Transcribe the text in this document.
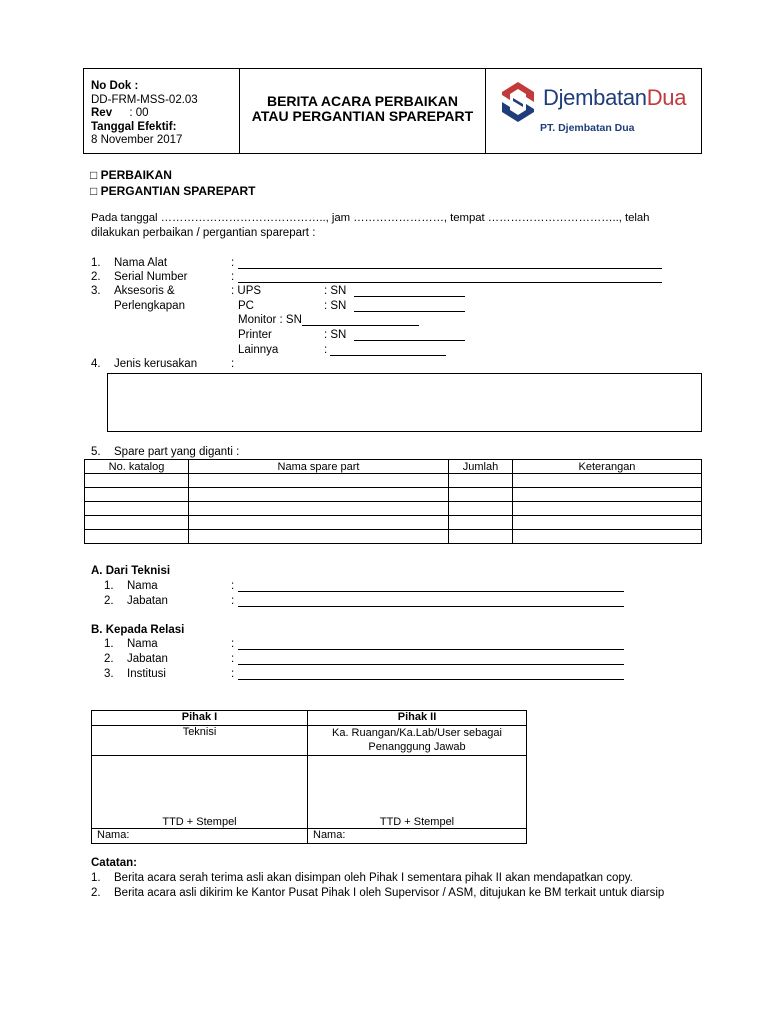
No Dok :
DD-FRM-MSS-02.03
Rev : 00
Tanggal Efektif:
8 November 2017
BERITA ACARA PERBAIKAN
ATAU PERGANTIAN SPAREPART
DjembatanDua
PT. Djembatan Dua
□ PERBAIKAN
□ PERGANTIAN SPAREPART
Pada tanggal …………………………………….., jam ……………………, tempat …………………………….., telah
dilakukan perbaikan / pergantian sparepart :
1. Nama Alat	:
2. Serial Number	:
3. Aksesoris &
Perlengkapan
: UPS	: SN
PC	: SN
Monitor : SN
Printer	: SN
Lainnya	:
4. Jenis kerusakan	:
5. Spare part yang diganti :
No. katalog	Nama spare part	Jumlah	Keterangan

A. Dari Teknisi
1. Nama	:
2. Jabatan	:
B. Kepada Relasi
1. Nama	:
2. Jabatan	:
3. Institusi	:
Pihak I	Pihak II
Teknisi	Ka. Ruangan/Ka.Lab/User sebagai
Penanggung Jawab

TTD + Stempel	TTD + Stempel
Nama:	Nama:
Catatan:
1. Berita acara serah terima asli akan disimpan oleh Pihak I sementara pihak II akan mendapatkan copy.
2. Berita acara asli dikirim ke Kantor Pusat Pihak I oleh Supervisor / ASM, ditujukan ke BM terkait untuk diarsip
